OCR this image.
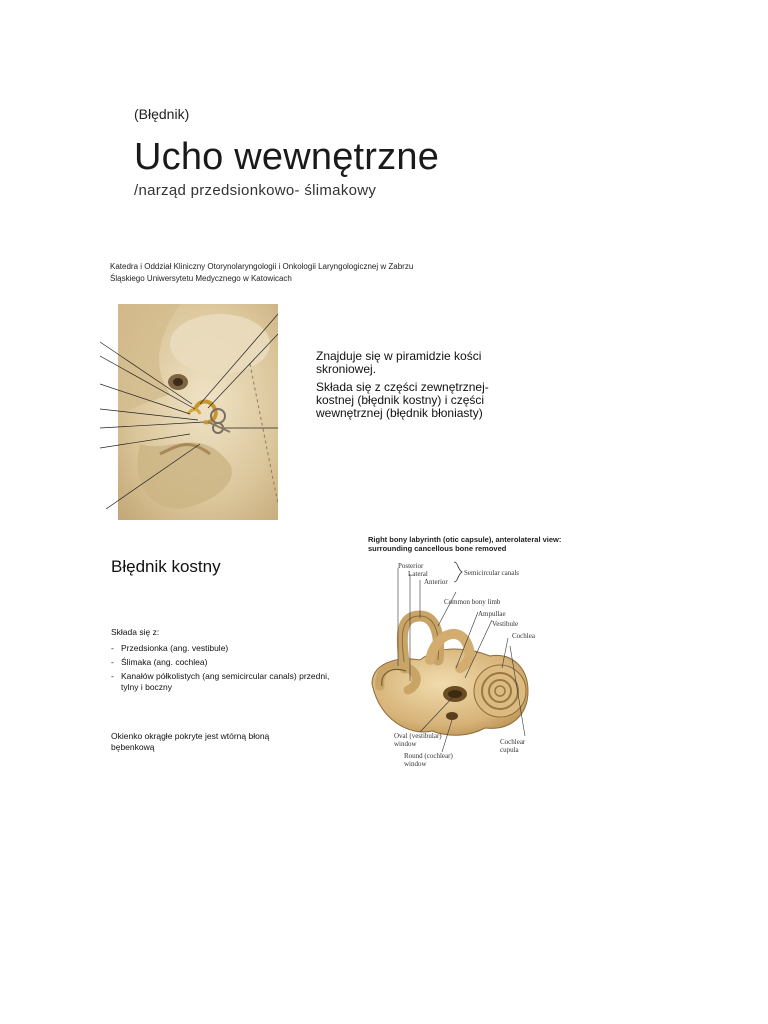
(Błędnik)
Ucho wewnętrzne
/narząd przedsionkowo- ślimakowy
Katedra i Oddział Kliniczny Otorynolaryngologii i Onkologii Laryngologicznej w Zabrzu
Śląskiego Uniwersytetu Medycznego w Katowicach

Znajduje się w piramidzie kości skroniowej.

Składa się z części zewnętrznej- kostnej (błędnik kostny) i części wewnętrznej (błędnik błoniasty)

Błędnik kostny
Składa się z:
- Przedsionka (ang. vestibule)
- Ślimaka (ang. cochlea)
- Kanałów półkolistych (ang semicircular canals) przedni, tylny i boczny
Okienko okrągłe pokryte jest wtórną błoną bębenkową
Right bony labyrinth (otic capsule), anterolateral view: surrounding cancellous bone removed
Posterior
Lateral
Anterior
Semicircular canals
Common bony limb
Ampullae
Vestibule
Cochlea
Oval (vestibular) window
Round (cochlear) window
Cochlear cupula
